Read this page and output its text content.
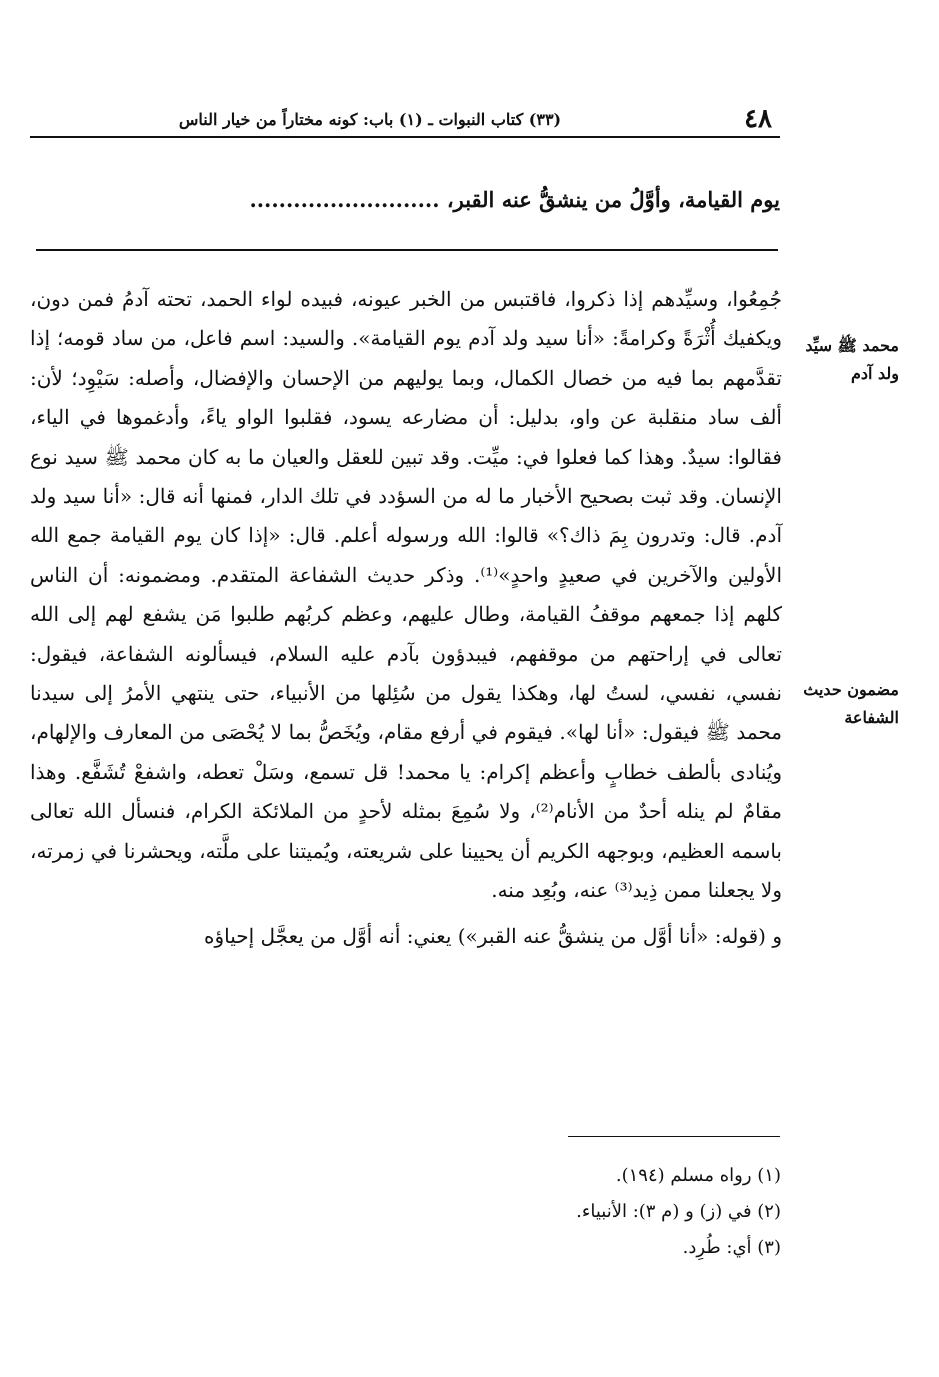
٤٨
(٣٣) كتاب النبوات ـ (١) باب: كونه مختاراً من خيار الناس
يوم القيامة، وأوَّلُ من ينشقُّ عنه القبر، ..........................
محمد ﷺ سيِّد ولد آدم
مضمون حديث الشفاعة

جُمِعُوا، وسيِّدهم إذا ذكروا، فاقتبس من الخبر عيونه، فبيده لواء الحمد، تحته آدمُ فمن دون، ويكفيك أُثْرَةً وكرامةً: «أنا سيد ولد آدم يوم القيامة». والسيد: اسم فاعل، من ساد قومه؛ إذا تقدَّمهم بما فيه من خصال الكمال، وبما يوليهم من الإحسان والإفضال، وأصله: سَيْوِد؛ لأن: ألف ساد منقلبة عن واو، بدليل: أن مضارعه يسود، فقلبوا الواو ياءً، وأدغموها في الياء، فقالوا: سيدٌ. وهذا كما فعلوا في: ميِّت. وقد تبين للعقل والعيان ما به كان محمد ﷺ سيد نوع الإنسان. وقد ثبت بصحيح الأخبار ما له من السؤدد في تلك الدار، فمنها أنه قال: «أنا سيد ولد آدم. قال: وتدرون بِمَ ذاك؟» قالوا: الله ورسوله أعلم. قال: «إذا كان يوم القيامة جمع الله الأولين والآخرين في صعيدٍ واحدٍ»⁽¹⁾. وذكر حديث الشفاعة المتقدم. ومضمونه: أن الناس كلهم إذا جمعهم موقفُ القيامة، وطال عليهم، وعظم كربُهم طلبوا مَن يشفع لهم إلى الله تعالى في إراحتهم من موقفهم، فيبدؤون بآدم عليه السلام، فيسألونه الشفاعة، فيقول: نفسي، نفسي، لستُ لها، وهكذا يقول من سُئِلها من الأنبياء، حتى ينتهي الأمرُ إلى سيدنا محمد ﷺ فيقول: «أنا لها». فيقوم في أرفع مقام، ويُخَصُّ بما لا يُحْصَى من المعارف والإلهام، ويُنادى بألطف خطابٍ وأعظم إكرام: يا محمد! قل تسمع، وسَلْ تعطه، واشفعْ تُشَفَّع. وهذا مقامٌ لم ينله أحدٌ من الأنام⁽²⁾، ولا سُمِعَ بمثله لأحدٍ من الملائكة الكرام، فنسأل الله تعالى باسمه العظيم، وبوجهه الكريم أن يحيينا على شريعته، ويُميتنا على ملَّته، ويحشرنا في زمرته، ولا يجعلنا ممن ذِيد⁽³⁾ عنه، وبُعِد منه.

و (قوله: «أنا أوَّل من ينشقُّ عنه القبر») يعني: أنه أوَّل من يعجَّل إحياؤه

(١) رواه مسلم (١٩٤).
(٢) في (ز) و (م ٣): الأنبياء.
(٣) أي: طُرِد.
